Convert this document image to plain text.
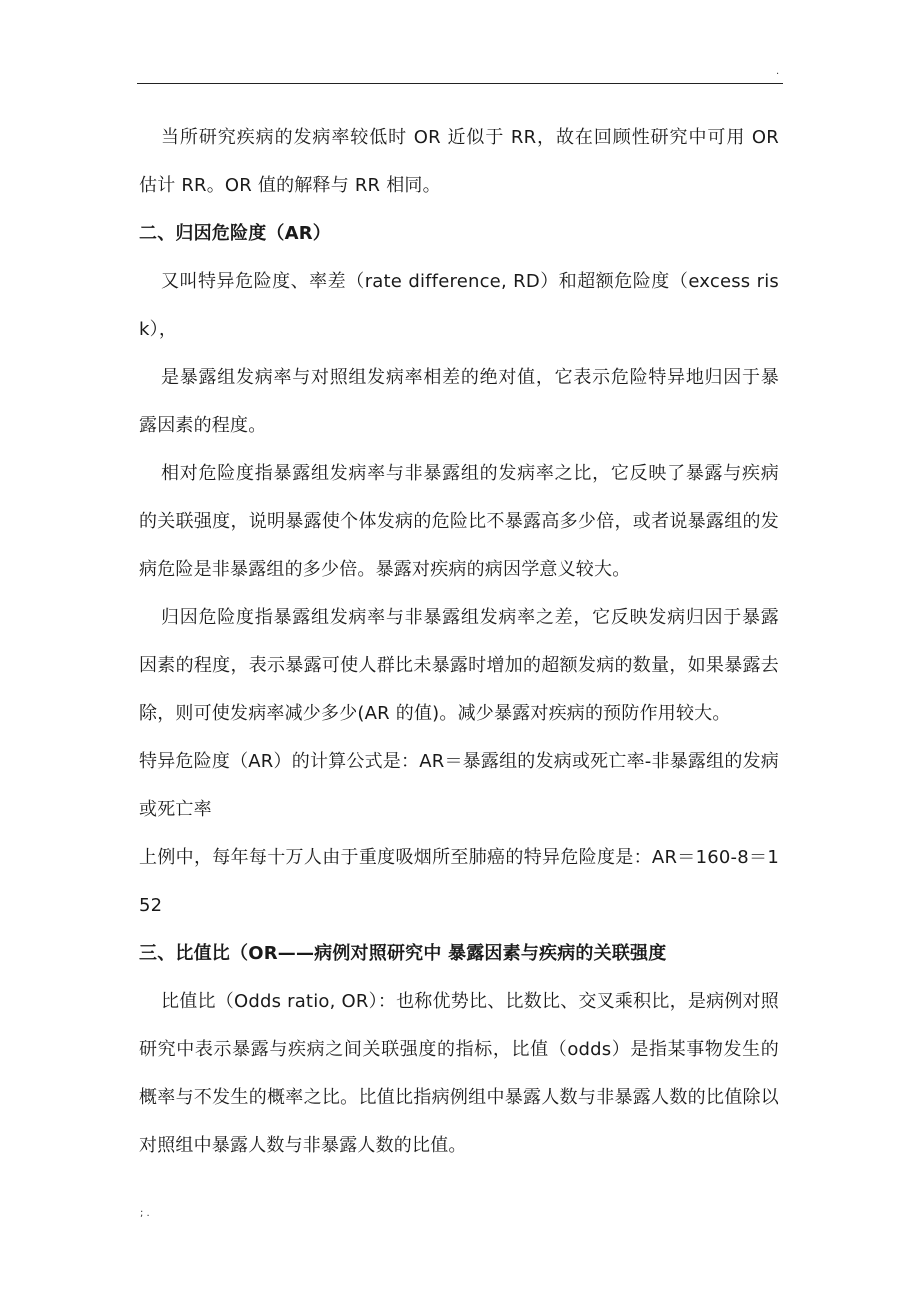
.

当所研究疾病的发病率较低时 OR 近似于 RR，故在回顾性研究中可用 OR 估计 RR。OR 值的解释与 RR 相同。

二、归因危险度（AR）

又叫特异危险度、率差（rate difference, RD）和超额危险度（excess risk），

是暴露组发病率与对照组发病率相差的绝对值，它表示危险特异地归因于暴露因素的程度。

相对危险度指暴露组发病率与非暴露组的发病率之比，它反映了暴露与疾病的关联强度，说明暴露使个体发病的危险比不暴露高多少倍，或者说暴露组的发病危险是非暴露组的多少倍。暴露对疾病的病因学意义较大。

归因危险度指暴露组发病率与非暴露组发病率之差，它反映发病归因于暴露因素的程度，表示暴露可使人群比未暴露时增加的超额发病的数量，如果暴露去除，则可使发病率减少多少(AR 的值)。减少暴露对疾病的预防作用较大。

特异危险度（AR）的计算公式是：AR＝暴露组的发病或死亡率-非暴露组的发病或死亡率

上例中，每年每十万人由于重度吸烟所至肺癌的特异危险度是：AR＝160-8＝152

三、比值比（OR——病例对照研究中 暴露因素与疾病的关联强度

比值比（Odds ratio, OR）：也称优势比、比数比、交叉乘积比，是病例对照研究中表示暴露与疾病之间关联强度的指标，比值（odds）是指某事物发生的概率与不发生的概率之比。比值比指病例组中暴露人数与非暴露人数的比值除以对照组中暴露人数与非暴露人数的比值。

; .
